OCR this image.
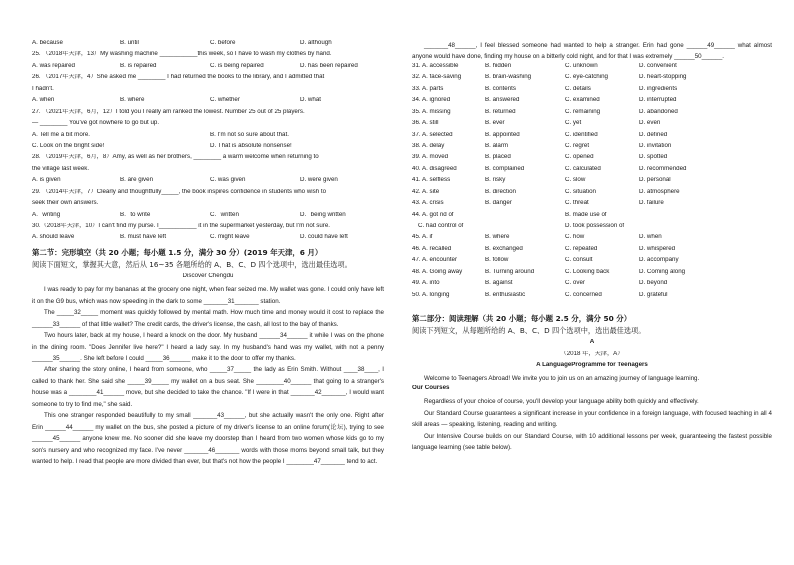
A. because	B. until	C. before	D. although
25. （2018年天津，13）My washing machine ___________this week, so I have to wash my clothes by hand.
A. was repaired	B. is repaired	C. is being repaired	D. has been repaired
26. （2017年天津，4）She asked me ________ I had returned the books to the library, and I admitted that
I hadn't.
A. when	B. where	C. whether	D. what
27. （2021年天津，6月，12）I told you I really am ranked the lowest. Number 25 out of 25 players.
— ________ You've got nowhere to go but up.
A. Tell me a bit more.	B. I'm not so sure about that.
C. Look on the bright side!	D. That is absolute nonsense!
28. （2019年天津，6月，8）Amy, as well as her brothers, ________ a warm welcome when returning to
the village last week.
A. is given	B. are given	C. was given	D. were given
29. （2014年天津，7）Clearly and thoughtfully_____, the book inspires confidence in students who wish to
seek their own answers．
A．writing	B．to write	C．written	D．being written
30.（2018年天津，10）I can't find my purse. I___________ it in the supermarket yesterday, but I'm not sure.
A. should leave	B. must have left	C. might leave	D. could have left
第二节：完形填空（共 20 小题；每小题 1.5 分，满分 30 分）(2019 年天津，6 月）
阅读下面短文，掌握其大意，然后从 16~35 各题所给的 A、B、C、D 四个选项中，选出最佳选项。
Discover Chengdu
I was ready to pay for my bananas at the grocery one night, when fear seized me. My wallet was gone. I could only have left it on the G9 bus, which was now speeding in the dark to some _______31_______ station.
The _____32_____ moment was quickly followed by mental math. How much time and money would it cost to replace the ______33______ of that little wallet? The credit cards, the driver's license, the cash, all lost to the bay of thanks.
Two hours later, back at my house, I heard a knock on the door. My husband ______34______ it while I was on the phone in the dining room. "Does Jennifer live here?" I heard a lady say. In my husband's hand was my wallet, with not a penny ______35______. She left before I could _____36______ make it to the door to offer my thanks.
After sharing the story online, I heard from someone, who _____37_____ the lady as Erin Smith. Without ____38____, I called to thank her. She said she _____39_____ my wallet on a bus seat. She ________40______ that going to a stranger's house was a ________41______ move, but she decided to take the chance. "If I were in that _______42_______, I would want someone to try to find me," she said.
This one stranger responded beautifully to my small _______43______, but she actually wasn't the only one. Right after Erin ______44______ my wallet on the bus, she posted a picture of my driver's license to an online forum(论坛), trying to see ______45______ anyone knew me. No sooner did she leave my doorstep than I heard from two women whose kids go to my son's nursery and who recognized my face. I've never _______46_______ words with those moms beyond small talk, but they wanted to help. I read that people are more divided than ever, but that's not how the people I ________47_______ tend to act.
_______48______, I feel blessed someone had wanted to help a stranger. Erin had gone ______49______ what almost anyone would have done, finding my house on a bitterly cold night, and for that I was extremely ______50______.
31. A. accessible	B. hidden	C. unknown	D. convenient
32. A. face-saving	B. brain-washing	C. eye-catching	D. heart-stopping
33. A. parts	B. contents	C. details	D. ingredients
34. A. ignored	B. answered	C. examined	D. interrupted
35. A. missing	B. returned	C. remaining	D. abandoned
36. A. still	B. ever	C. yet	D. even
37. A. selected	B. appointed	C. identified	D. defined
38. A. delay	B. alarm	C. regret	D. invitation
39. A. moved	B. placed	C. opened	D. spotted
40. A. disagreed	B. complained	C. calculated	D. recommended
41. A. selfless	B. risky	C. slow	D. personal
42. A. site	B. direction	C. situation	D. atmosphere
43. A. crisis	B. danger	C. threat	D. failure
44. A. got rid of	B. made use of
C. had control of	D. took possession of
45. A. if	B. where	C. how	D. when
46. A. recalled	B. exchanged	C. repeated	D. whispered
47. A. encounter	B. follow	C. consult	D. accompany
48. A. Going away	B. Turning around	C. Looking back	D. Coming along
49. A. into	B. against	C. over	D. beyond
50. A. longing	B. enthusiastic	C. concerned	D. grateful
第二部分：阅读理解（共 20 小题；每小题 2.5 分，满分 50 分）
阅读下列短文，从每题所给的 A、B、C、D 四个选项中，选出最佳选项。
A
（2018 年，天津，A）
A LanguageProgramme for Teenagers
Welcome to Teenagers Abroad! We invite you to join us on an amazing journey of language learning.
Our Courses
Regardless of your choice of course, you'll develop your language ability both quickly and effectively.
Our Standard Course guarantees a significant increase in your confidence in a foreign language, with focused teaching in all 4 skill areas — speaking, listening, reading and writing.
Our Intensive Course builds on our Standard Course, with 10 additional lessons per week, guaranteeing the fastest possible language learning (see table below).
